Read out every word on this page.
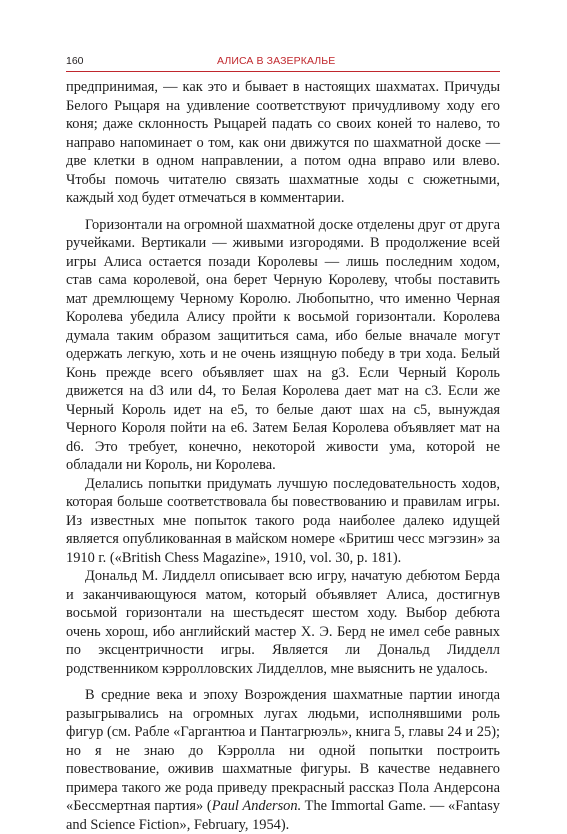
160	АЛИСА В ЗАЗЕРКАЛЬЕ

предпринимая, — как это и бывает в настоящих шахматах. Причуды Белого Рыцаря на удивление соответствуют причудливому ходу его коня; даже склонность Рыцарей падать со своих коней то налево, то направо напоминает о том, как они движутся по шахматной доске — две клетки в одном направлении, а потом одна вправо или влево. Чтобы помочь читателю связать шахматные ходы с сюжетными, каждый ход будет отмечаться в комментарии.

Горизонтали на огромной шахматной доске отделены друг от друга ручейками. Вертикали — живыми изгородями. В продолжение всей игры Алиса остается позади Королевы — лишь последним ходом, став сама королевой, она берет Черную Королеву, чтобы поставить мат дремлющему Черному Королю. Любопытно, что именно Черная Королева убедила Алису пройти к восьмой горизонтали. Королева думала таким образом защититься сама, ибо белые вначале могут одержать легкую, хоть и не очень изящную победу в три хода. Белый Конь прежде всего объявляет шах на g3. Если Черный Король движется на d3 или d4, то Белая Королева дает мат на c3. Если же Черный Король идет на e5, то белые дают шах на c5, вынуждая Черного Короля пойти на e6. Затем Белая Королева объявляет мат на d6. Это требует, конечно, некоторой живости ума, которой не обладали ни Король, ни Королева.

Делались попытки придумать лучшую последовательность ходов, которая больше соответствовала бы повествованию и правилам игры. Из известных мне попыток такого рода наиболее далеко идущей является опубликованная в майском номере «Бритиш чесс мэгэзин» за 1910 г. («British Chess Magazine», 1910, vol. 30, p. 181).

Дональд М. Лидделл описывает всю игру, начатую дебютом Берда и заканчивающуюся матом, который объявляет Алиса, достигнув восьмой горизонтали на шестьдесят шестом ходу. Выбор дебюта очень хорош, ибо английский мастер Х. Э. Берд не имел себе равных по эксцентричности игры. Является ли Дональд Лидделл родственником кэрролловских Лидделлов, мне выяснить не удалось.

В средние века и эпоху Возрождения шахматные партии иногда разыгрывались на огромных лугах людьми, исполнявшими роль фигур (см. Рабле «Гаргантюа и Пантагрюэль», книга 5, главы 24 и 25); но я не знаю до Кэрролла ни одной попытки построить повествование, оживив шахматные фигуры. В качестве недавнего примера такого же рода приведу прекрасный рассказ Пола Андерсона «Бессмертная партия» (Paul Anderson. The Immortal Game. — «Fantasy and Science Fiction», February, 1954).
